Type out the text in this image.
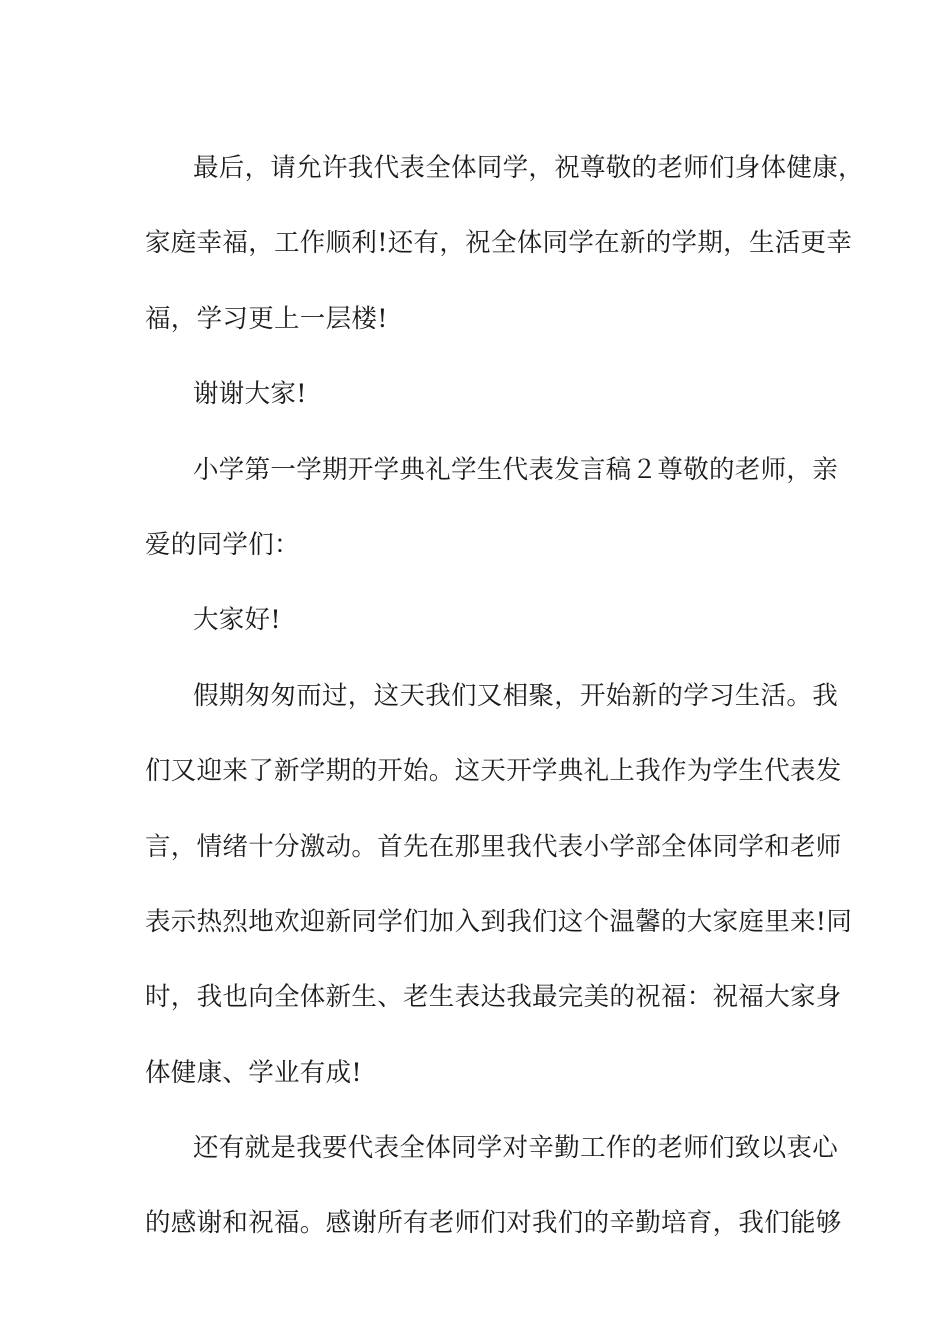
最后，请允许我代表全体同学，祝尊敬的老师们身体健康，
家庭幸福，工作顺利!还有，祝全体同学在新的学期，生活更幸
福，学习更上一层楼!
谢谢大家!
小学第一学期开学典礼学生代表发言稿２尊敬的老师，亲
爱的同学们：
大家好!
假期匆匆而过，这天我们又相聚，开始新的学习生活。我
们又迎来了新学期的开始。这天开学典礼上我作为学生代表发
言，情绪十分激动。首先在那里我代表小学部全体同学和老师
表示热烈地欢迎新同学们加入到我们这个温馨的大家庭里来!同
时，我也向全体新生、老生表达我最完美的祝福：祝福大家身
体健康、学业有成!
还有就是我要代表全体同学对辛勤工作的老师们致以衷心
的感谢和祝福。感谢所有老师们对我们的辛勤培育，我们能够
